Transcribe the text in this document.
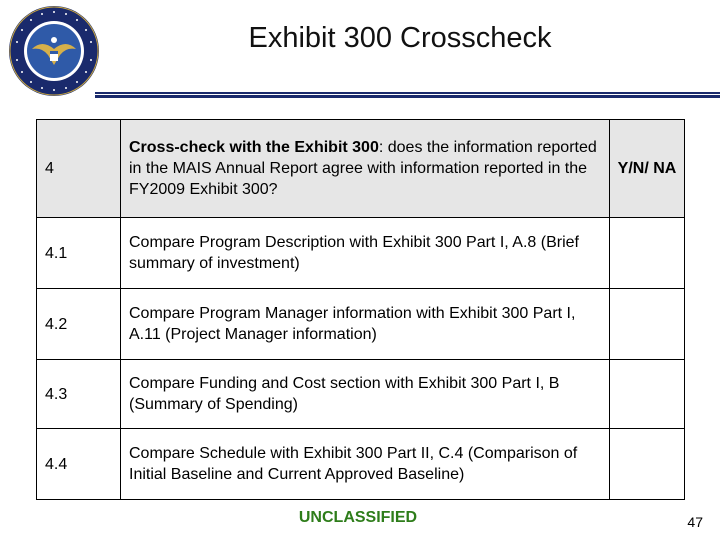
Exhibit 300 Crosscheck
4	Cross-check with the Exhibit 300: does the information reported in the MAIS Annual Report agree with information reported in the FY2009 Exhibit 300?	Y/N/ NA
4.1	Compare Program Description with Exhibit 300 Part I, A.8 (Brief summary of investment)	
4.2	Compare Program Manager information with Exhibit 300 Part I, A.11 (Project Manager information)	
4.3	Compare Funding and Cost section with Exhibit 300 Part I, B (Summary of Spending)	
4.4	Compare Schedule with Exhibit 300 Part II, C.4 (Comparison of Initial Baseline and Current Approved Baseline)	
UNCLASSIFIED	47
